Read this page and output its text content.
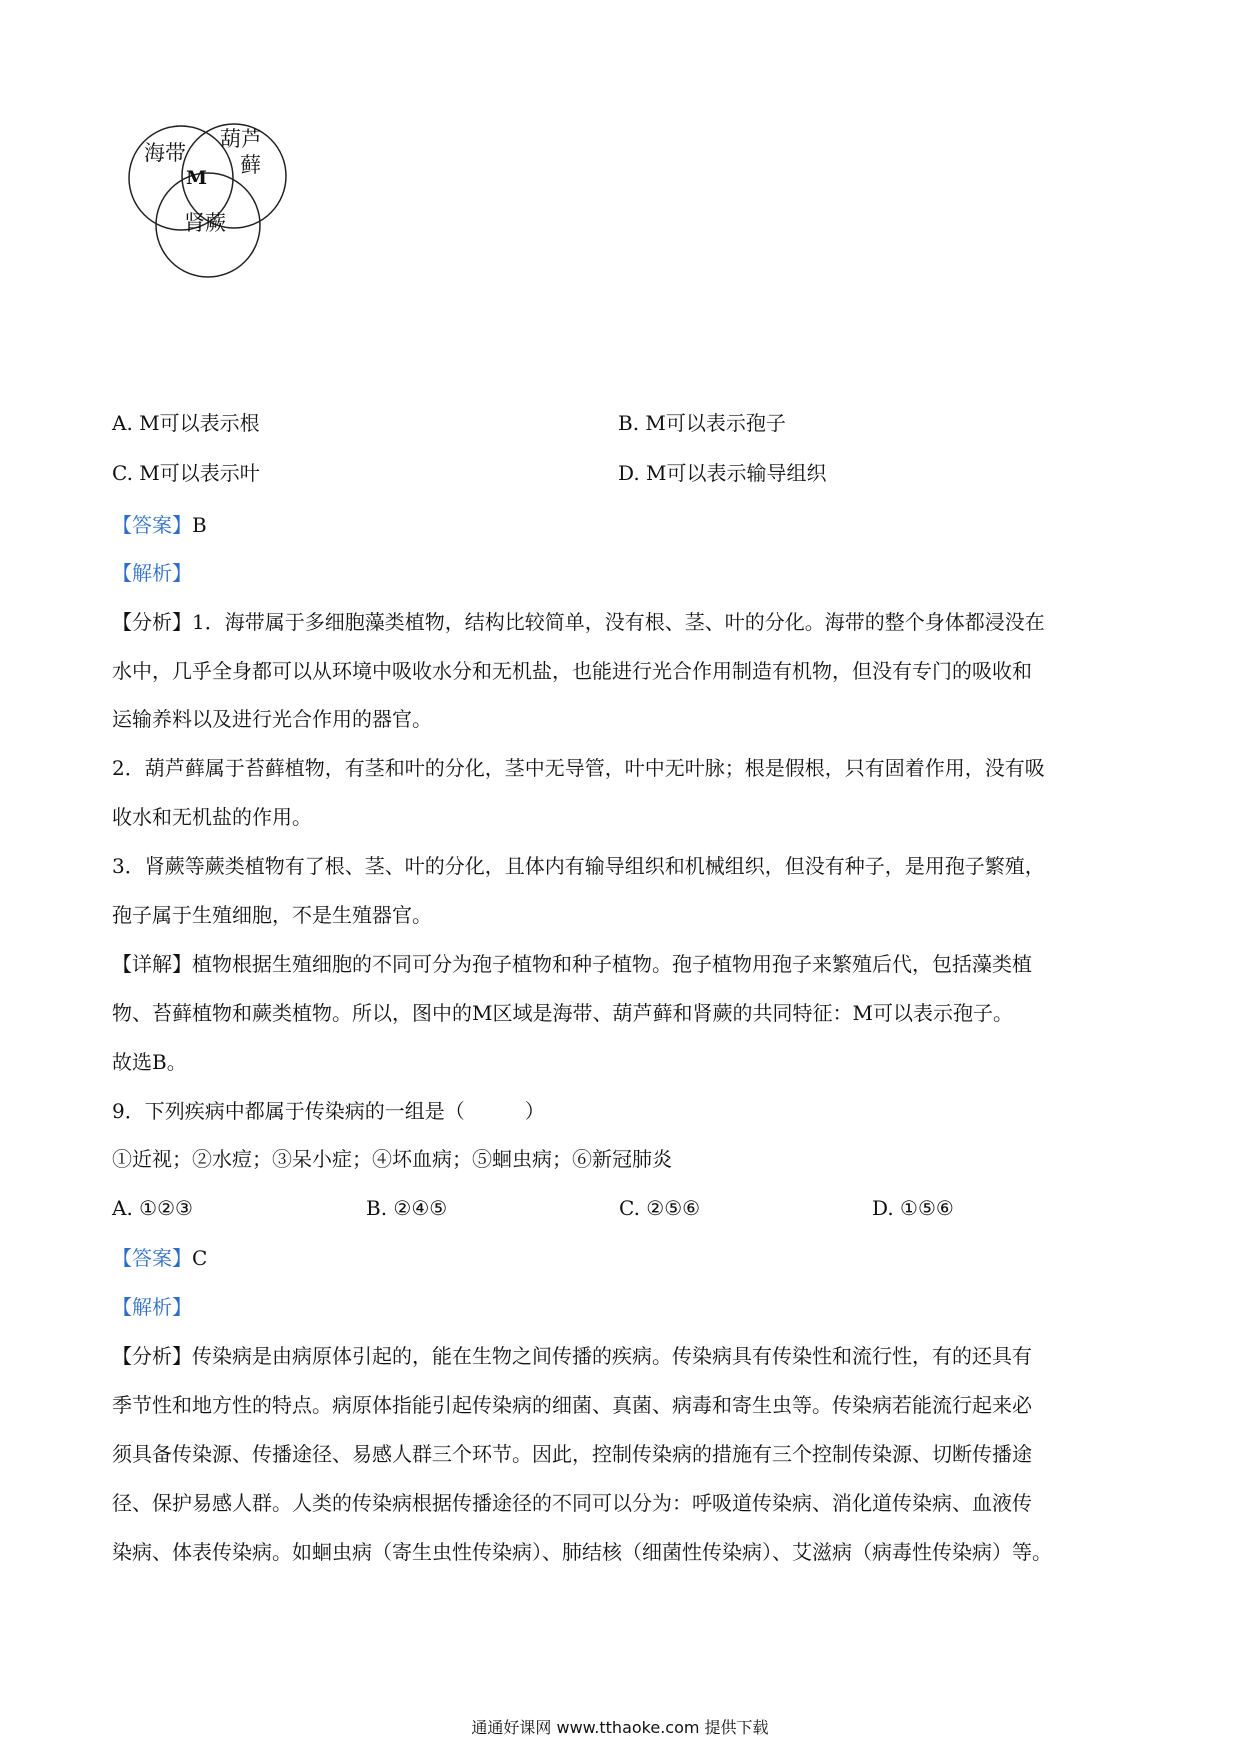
海带
葫芦
藓
M
肾蕨
A. M可以表示根	B. M可以表示孢子
C. M可以表示叶	D. M可以表示输导组织
【答案】B
【解析】
【分析】1．海带属于多细胞藻类植物，结构比较简单，没有根、茎、叶的分化。海带的整个身体都浸没在
水中，几乎全身都可以从环境中吸收水分和无机盐，也能进行光合作用制造有机物，但没有专门的吸收和
运输养料以及进行光合作用的器官。
2．葫芦藓属于苔藓植物，有茎和叶的分化，茎中无导管，叶中无叶脉；根是假根，只有固着作用，没有吸
收水和无机盐的作用。
3．肾蕨等蕨类植物有了根、茎、叶的分化，且体内有输导组织和机械组织，但没有种子，是用孢子繁殖，
孢子属于生殖细胞，不是生殖器官。
【详解】植物根据生殖细胞的不同可分为孢子植物和种子植物。孢子植物用孢子来繁殖后代，包括藻类植
物、苔藓植物和蕨类植物。所以，图中的M区域是海带、葫芦藓和肾蕨的共同特征：M可以表示孢子。
故选B。
9．下列疾病中都属于传染病的一组是（　　　）
①近视；②水痘；③呆小症；④坏血病；⑤蛔虫病；⑥新冠肺炎
A. ①②③	B. ②④⑤	C. ②⑤⑥	D. ①⑤⑥
【答案】C
【解析】
【分析】传染病是由病原体引起的，能在生物之间传播的疾病。传染病具有传染性和流行性，有的还具有
季节性和地方性的特点。病原体指能引起传染病的细菌、真菌、病毒和寄生虫等。传染病若能流行起来必
须具备传染源、传播途径、易感人群三个环节。因此，控制传染病的措施有三个控制传染源、切断传播途
径、保护易感人群。人类的传染病根据传播途径的不同可以分为：呼吸道传染病、消化道传染病、血液传
染病、体表传染病。如蛔虫病（寄生虫性传染病）、肺结核（细菌性传染病）、艾滋病（病毒性传染病）等。
通通好课网 www.tthaoke.com 提供下载
